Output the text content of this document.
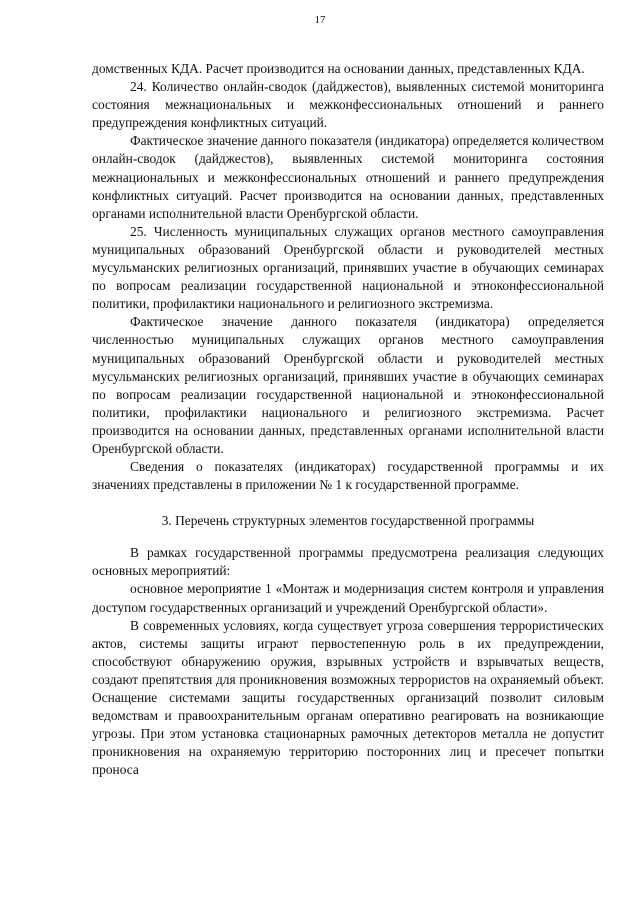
17

домственных КДА. Расчет производится на основании данных, представленных КДА.

24. Количество онлайн-сводок (дайджестов), выявленных системой мониторинга состояния межнациональных и межконфессиональных отношений и раннего предупреждения конфликтных ситуаций.

Фактическое значение данного показателя (индикатора) определяется количеством онлайн-сводок (дайджестов), выявленных системой мониторинга состояния межнациональных и межконфессиональных отношений и раннего предупреждения конфликтных ситуаций. Расчет производится на основании данных, представленных органами исполнительной власти Оренбургской области.

25. Численность муниципальных служащих органов местного самоуправления муниципальных образований Оренбургской области и руководителей местных мусульманских религиозных организаций, принявших участие в обучающих семинарах по вопросам реализации государственной национальной и этноконфессиональной политики, профилактики национального и религиозного экстремизма.

Фактическое значение данного показателя (индикатора) определяется численностью муниципальных служащих органов местного самоуправления муниципальных образований Оренбургской области и руководителей местных мусульманских религиозных организаций, принявших участие в обучающих семинарах по вопросам реализации государственной национальной и этноконфессиональной политики, профилактики национального и религиозного экстремизма. Расчет производится на основании данных, представленных органами исполнительной власти Оренбургской области.

Сведения о показателях (индикаторах) государственной программы и их значениях представлены в приложении № 1 к государственной программе.

3. Перечень структурных элементов государственной программы

В рамках государственной программы предусмотрена реализация следующих основных мероприятий:

основное мероприятие 1 «Монтаж и модернизация систем контроля и управления доступом государственных организаций и учреждений Оренбургской области».

В современных условиях, когда существует угроза совершения террористических актов, системы защиты играют первостепенную роль в их предупреждении, способствуют обнаружению оружия, взрывных устройств и взрывчатых веществ, создают препятствия для проникновения возможных террористов на охраняемый объект. Оснащение системами защиты государственных организаций позволит силовым ведомствам и правоохранительным органам оперативно реагировать на возникающие угрозы. При этом установка стационарных рамочных детекторов металла не допустит проникновения на охраняемую территорию посторонних лиц и пресечет попытки проноса
